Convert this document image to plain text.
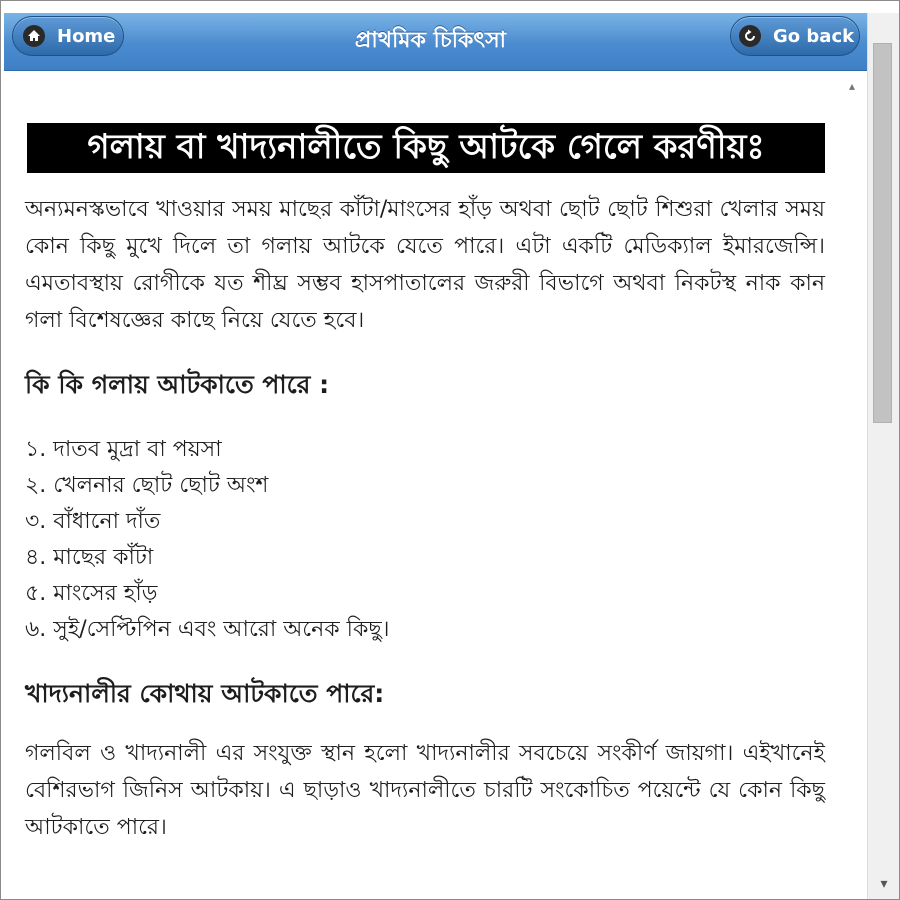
Home	প্রাথমিক চিকিৎসা	Go back
▾
▴
গলায় বা খাদ্যনালীতে কিছু আটকে গেলে করণীয়ঃ

অন্যমনস্কভাবে খাওয়ার সময় মাছের কাঁটা/মাংসের হাঁড় অথবা ছোট ছোট শিশুরা খেলার সময় কোন কিছু মুখে দিলে তা গলায় আটকে যেতে পারে। এটা একটি মেডিক্যাল ইমারজেন্সি। এমতাবস্থায় রোগীকে যত শীঘ্র সম্ভব হাসপাতালের জরুরী বিভাগে অথবা নিকটস্থ নাক কান গলা বিশেষজ্ঞের কাছে নিয়ে যেতে হবে।

কি কি গলায় আটকাতে পারে :
১. দাতব মুদ্রা বা পয়সা
২. খেলনার ছোট ছোট অংশ
৩. বাঁধানো দাঁত
৪. মাছের কাঁটা
৫. মাংসের হাঁড়
৬. সুই/সেপ্টিপিন এবং আরো অনেক কিছু।
খাদ্যনালীর কোথায় আটকাতে পারে:

গলবিল ও খাদ্যনালী এর সংযুক্ত স্থান হলো খাদ্যনালীর সবচেয়ে সংকীর্ণ জায়গা। এইখানেই বেশিরভাগ জিনিস আটকায়। এ ছাড়াও খাদ্যনালীতে চারটি সংকোচিত পয়েন্টে যে কোন কিছু আটকাতে পারে।
